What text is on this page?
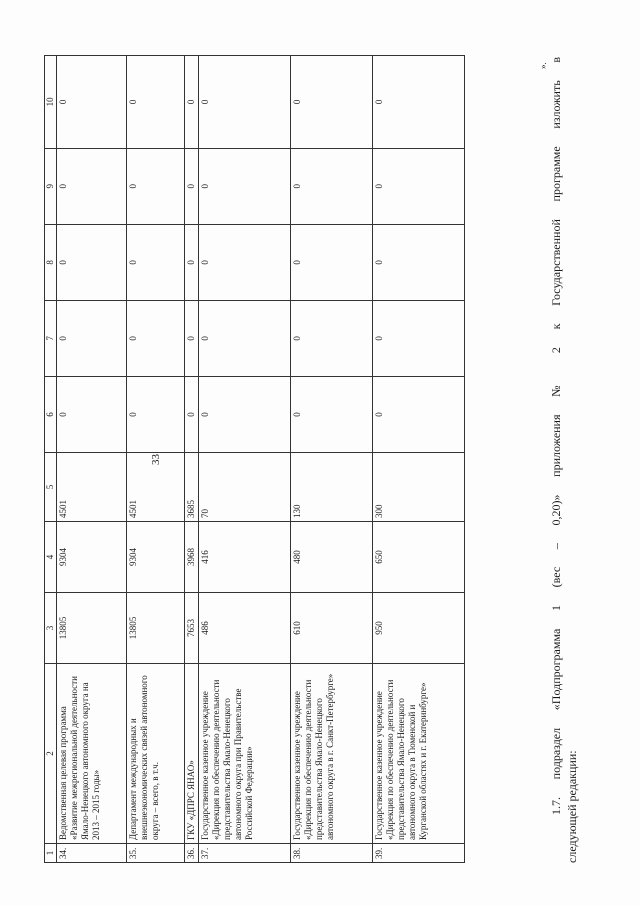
33
1	2	3	4	5	6	7	8	9	10
34.	Ведомственная целевая программа «Развитие межрегиональной деятельности Ямало-Ненецкого автономного округа на 2013 – 2015 годы»	13805	9304	4501	0	0	0	0	0
35.	Департамент международных и внешнеэкономических связей автономного округа – всего, в т.ч.	13805	9304	4501	0	0	0	0	0
36.	ГКУ «ДПРС ЯНАО»	7653	3968	3685	0	0	0	0	0
37.	Государственное казенное учреждение «Дирекция по обеспечению деятельности представительства Ямало-Ненецкого автономного округа при Правительстве Российской Федерации»	486	416	70	0	0	0	0	0
38.	Государственное казенное учреждение «Дирекция по обеспечению деятельности представительства Ямало-Ненецкого автономного округа в г. Санкт-Петербурге»	610	480	130	0	0	0	0	0
39.	Государственное казенное учреждение «Дирекция по обеспечению деятельности представительства Ямало-Ненецкого автономного округа в Тюменской и Курганской областях и г. Екатеринбурге»	950	650	300	0	0	0	0	0
». 1.7. подраздел «Подпрограмма 1 (вес – 0,20)» приложения № 2 к Государственной программе изложить в следующей редакции:
